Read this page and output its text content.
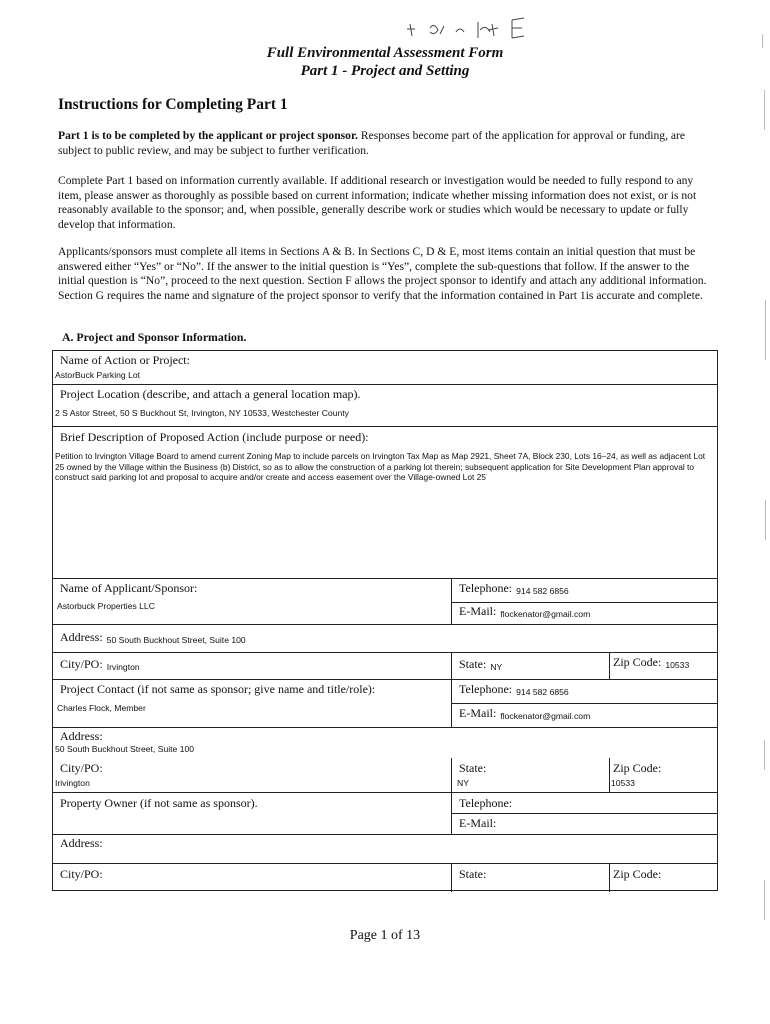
Full Environmental Assessment Form
Part 1 - Project and Setting
Instructions for Completing Part 1

Part 1 is to be completed by the applicant or project sponsor. Responses become part of the application for approval or funding, are subject to public review, and may be subject to further verification.

Complete Part 1 based on information currently available. If additional research or investigation would be needed to fully respond to any item, please answer as thoroughly as possible based on current information; indicate whether missing information does not exist, or is not reasonably available to the sponsor; and, when possible, generally describe work or studies which would be necessary to update or fully develop that information.

Applicants/sponsors must complete all items in Sections A & B. In Sections C, D & E, most items contain an initial question that must be answered either “Yes” or “No”. If the answer to the initial question is “Yes”, complete the sub-questions that follow. If the answer to the initial question is “No”, proceed to the next question. Section F allows the project sponsor to identify and attach any additional information. Section G requires the name and signature of the project sponsor to verify that the information contained in Part 1is accurate and complete.

A. Project and Sponsor Information.
Name of Action or Project:
AstorBuck Parking Lot
Project Location (describe, and attach a general location map).
2 S Astor Street, 50 S Buckhout St, Irvington, NY 10533, Westchester County
Brief Description of Proposed Action (include purpose or need):
Petition to Irvington Village Board to amend current Zoning Map to include parcels on Irvington Tax Map as Map 2921, Sheet 7A, Block 230, Lots 16–24, as well as adjacent Lot 25 owned by the Village within the Business (b) District, so as to allow the construction of a parking lot therein; subsequent application for Site Development Plan approval to construct said parking lot and proposal to acquire and/or create and access easement over the Village-owned Lot 25
Name of Applicant/Sponsor:
Astorbuck Properties LLC
Telephone: 914 582 6856
E-Mail: flockenator@gmail.com
Address: 50 South Buckhout Street, Suite 100
City/PO: Irvington	State: NY	Zip Code: 10533
Project Contact (if not same as sponsor; give name and title/role):
Charles Flock, Member
Telephone: 914 582 6856
E-Mail: flockenator@gmail.com
Address:
50 South Buckhout Street, Suite 100
City/PO:
Irivington
State:
NY
Zip Code:
10533
Property Owner (if not same as sponsor).	Telephone:
E-Mail:
Address:
City/PO:	State:	Zip Code:
Page 1 of 13
